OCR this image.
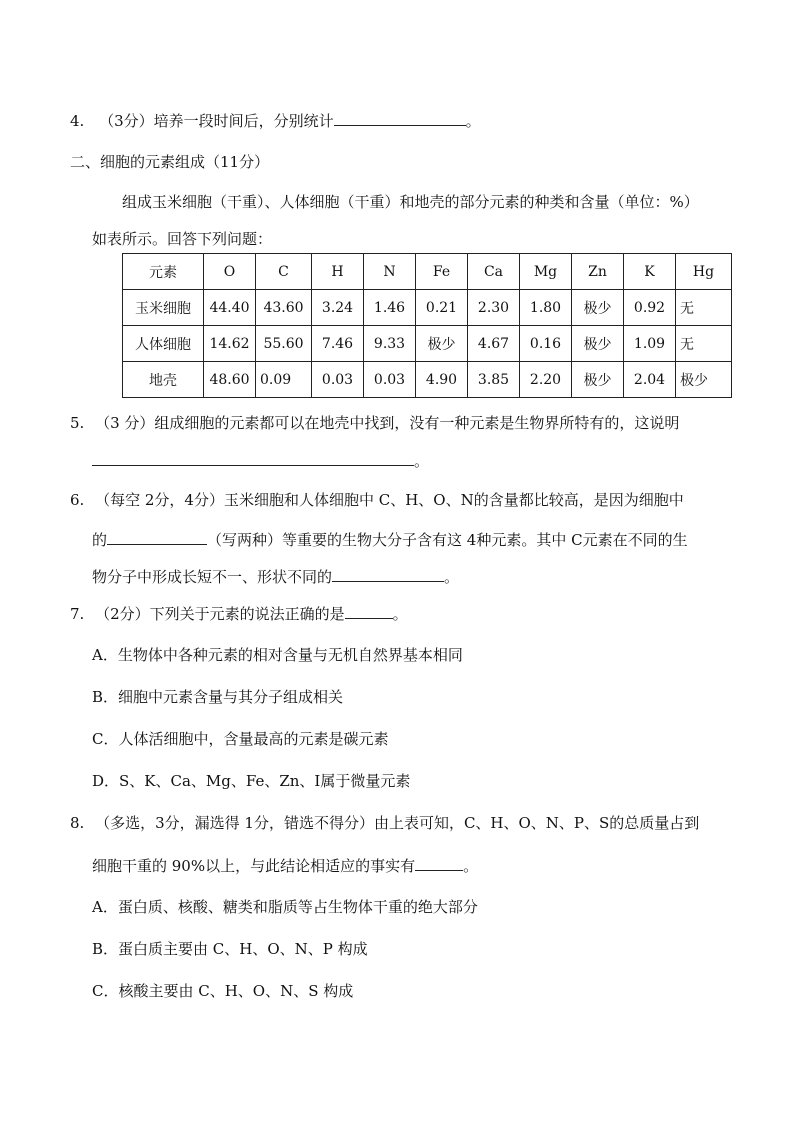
4. （3分）培养一段时间后，分别统计	。
二、细胞的元素组成（11分）
组成玉米细胞（干重）、人体细胞（干重）和地壳的部分元素的种类和含量（单位：%）
如表所示。回答下列问题：
元素	O	C	H	N	Fe	Ca	Mg	Zn	K	Hg
玉米细胞	44.40	43.60	3.24	1.46	0.21	2.30	1.80	极少	0.92	无
人体细胞	14.62	55.60	7.46	9.33	极少	4.67	0.16	极少	1.09	无
地壳	48.60	0.09	0.03	0.03	4.90	3.85	2.20	极少	2.04	极少
5. （3 分）组成细胞的元素都可以在地壳中找到，没有一种元素是生物界所特有的，这说明
。
6. （每空 2分，4分）玉米细胞和人体细胞中 C、H、O、N的含量都比较高，是因为细胞中
的	（写两种）等重要的生物大分子含有这 4种元素。其中 C元素在不同的生
物分子中形成长短不一、形状不同的	。
7. （2分）下列关于元素的说法正确的是	。
A．生物体中各种元素的相对含量与无机自然界基本相同
B．细胞中元素含量与其分子组成相关
C．人体活细胞中，含量最高的元素是碳元素
D．S、K、Ca、Mg、Fe、Zn、I属于微量元素
8. （多选，3分，漏选得 1分，错选不得分）由上表可知，C、H、O、N、P、S的总质量占到
细胞干重的 90%以上，与此结论相适应的事实有	。
A．蛋白质、核酸、糖类和脂质等占生物体干重的绝大部分
B．蛋白质主要由 C、H、O、N、P 构成
C．核酸主要由 C、H、O、N、S 构成
